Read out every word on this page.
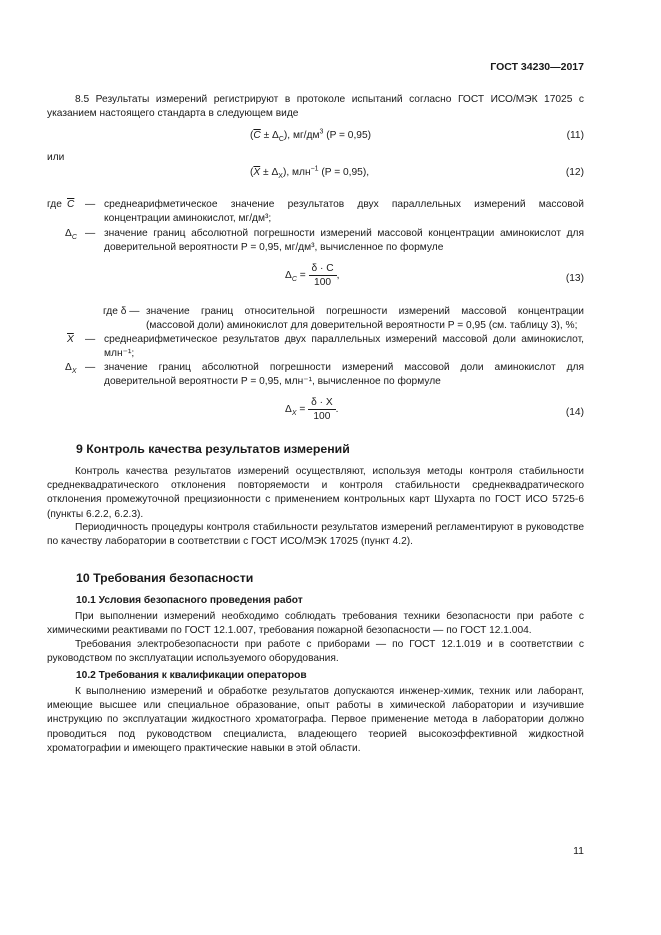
ГОСТ 34230—2017
8.5 Результаты измерений регистрируют в протоколе испытаний согласно ГОСТ ИСО/МЭК 17025 с указанием настоящего стандарта в следующем виде
$(\overline{C} \pm \Delta_C)$, $мг/дм^3$ (P = 0,95)	(11)
или
$(\overline{X} \pm \Delta_X)$, млн$^{-1}$ (P = 0,95),	(12)
где $\overline{C}$ — среднеарифметическое значение результатов двух параллельных измерений массовой концентрации аминокислот, мг/дм³;
$\Delta_C$ — значение границ абсолютной погрешности измерений массовой концентрации аминокислот для доверительной вероятности P = 0,95, мг/дм³, вычисленное по формуле
$\Delta_C = \frac{\delta \cdot C}{100}$ ,	(13)
где δ — значение границ относительной погрешности измерений массовой концентрации (массовой доли) аминокислот для доверительной вероятности P = 0,95 (см. таблицу 3), %;
$\overline{X}$ — среднеарифметическое результатов двух параллельных измерений массовой доли аминокислот, млн⁻¹;
$\Delta_X$ — значение границ абсолютной погрешности измерений массовой доли аминокислот для доверительной вероятности P = 0,95, млн⁻¹, вычисленное по формуле
$\Delta_X = \frac{\delta \cdot X}{100}$ .	(14)
9 Контроль качества результатов измерений
Контроль качества результатов измерений осуществляют, используя методы контроля стабильности среднеквадратического отклонения повторяемости и контроля стабильности среднеквадратического отклонения промежуточной прецизионности с применением контрольных карт Шухарта по ГОСТ ИСО 5725-6 (пункты 6.2.2, 6.2.3).
Периодичность процедуры контроля стабильности результатов измерений регламентируют в руководстве по качеству лаборатории в соответствии с ГОСТ ИСО/МЭК 17025 (пункт 4.2).
10 Требования безопасности
10.1 Условия безопасного проведения работ
При выполнении измерений необходимо соблюдать требования техники безопасности при работе с химическими реактивами по ГОСТ 12.1.007, требования пожарной безопасности — по ГОСТ 12.1.004.
Требования электробезопасности при работе с приборами — по ГОСТ 12.1.019 и в соответствии с руководством по эксплуатации используемого оборудования.
10.2 Требования к квалификации операторов
К выполнению измерений и обработке результатов допускаются инженер-химик, техник или лаборант, имеющие высшее или специальное образование, опыт работы в химической лаборатории и изучившие инструкцию по эксплуатации жидкостного хроматографа. Первое применение метода в лаборатории должно проводиться под руководством специалиста, владеющего теорией высокоэффективной жидкостной хроматографии и имеющего практические навыки в этой области.
11
